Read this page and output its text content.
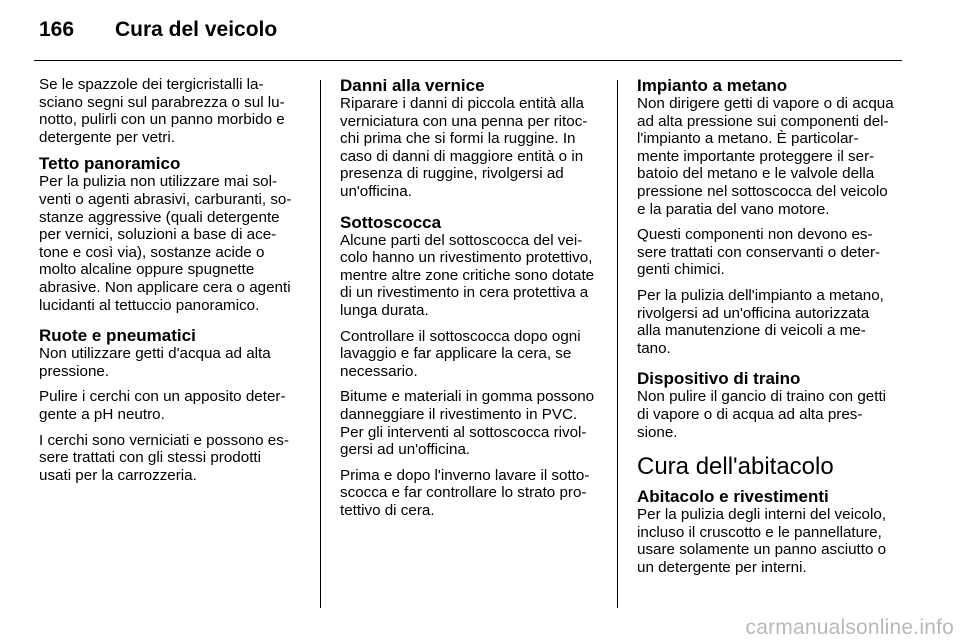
166 Cura del veicolo

Se le spazzole dei tergicristalli la-
sciano segni sul parabrezza o sul lu-
notto, pulirli con un panno morbido e
detergente per vetri.

Tetto panoramico

Per la pulizia non utilizzare mai sol-
venti o agenti abrasivi, carburanti, so-
stanze aggressive (quali detergente
per vernici, soluzioni a base di ace-
tone e così via), sostanze acide o
molto alcaline oppure spugnette
abrasive. Non applicare cera o agenti
lucidanti al tettuccio panoramico.

Ruote e pneumatici

Non utilizzare getti d'acqua ad alta
pressione.

Pulire i cerchi con un apposito deter-
gente a pH neutro.

I cerchi sono verniciati e possono es-
sere trattati con gli stessi prodotti
usati per la carrozzeria.

Danni alla vernice

Riparare i danni di piccola entità alla
verniciatura con una penna per ritoc-
chi prima che si formi la ruggine. In
caso di danni di maggiore entità o in
presenza di ruggine, rivolgersi ad
un'officina.

Sottoscocca

Alcune parti del sottoscocca del vei-
colo hanno un rivestimento protettivo,
mentre altre zone critiche sono dotate
di un rivestimento in cera protettiva a
lunga durata.

Controllare il sottoscocca dopo ogni
lavaggio e far applicare la cera, se
necessario.

Bitume e materiali in gomma possono
danneggiare il rivestimento in PVC.
Per gli interventi al sottoscocca rivol-
gersi ad un'officina.

Prima e dopo l'inverno lavare il sotto-
scocca e far controllare lo strato pro-
tettivo di cera.

Impianto a metano

Non dirigere getti di vapore o di acqua
ad alta pressione sui componenti del-
l'impianto a metano. È particolar-
mente importante proteggere il ser-
batoio del metano e le valvole della
pressione nel sottoscocca del veicolo
e la paratia del vano motore.

Questi componenti non devono es-
sere trattati con conservanti o deter-
genti chimici.

Per la pulizia dell'impianto a metano,
rivolgersi ad un'officina autorizzata
alla manutenzione di veicoli a me-
tano.

Dispositivo di traino

Non pulire il gancio di traino con getti
di vapore o di acqua ad alta pres-
sione.

Cura dell'abitacolo
Abitacolo e rivestimenti

Per la pulizia degli interni del veicolo,
incluso il cruscotto e le pannellature,
usare solamente un panno asciutto o
un detergente per interni.

carmanualsonline.info
